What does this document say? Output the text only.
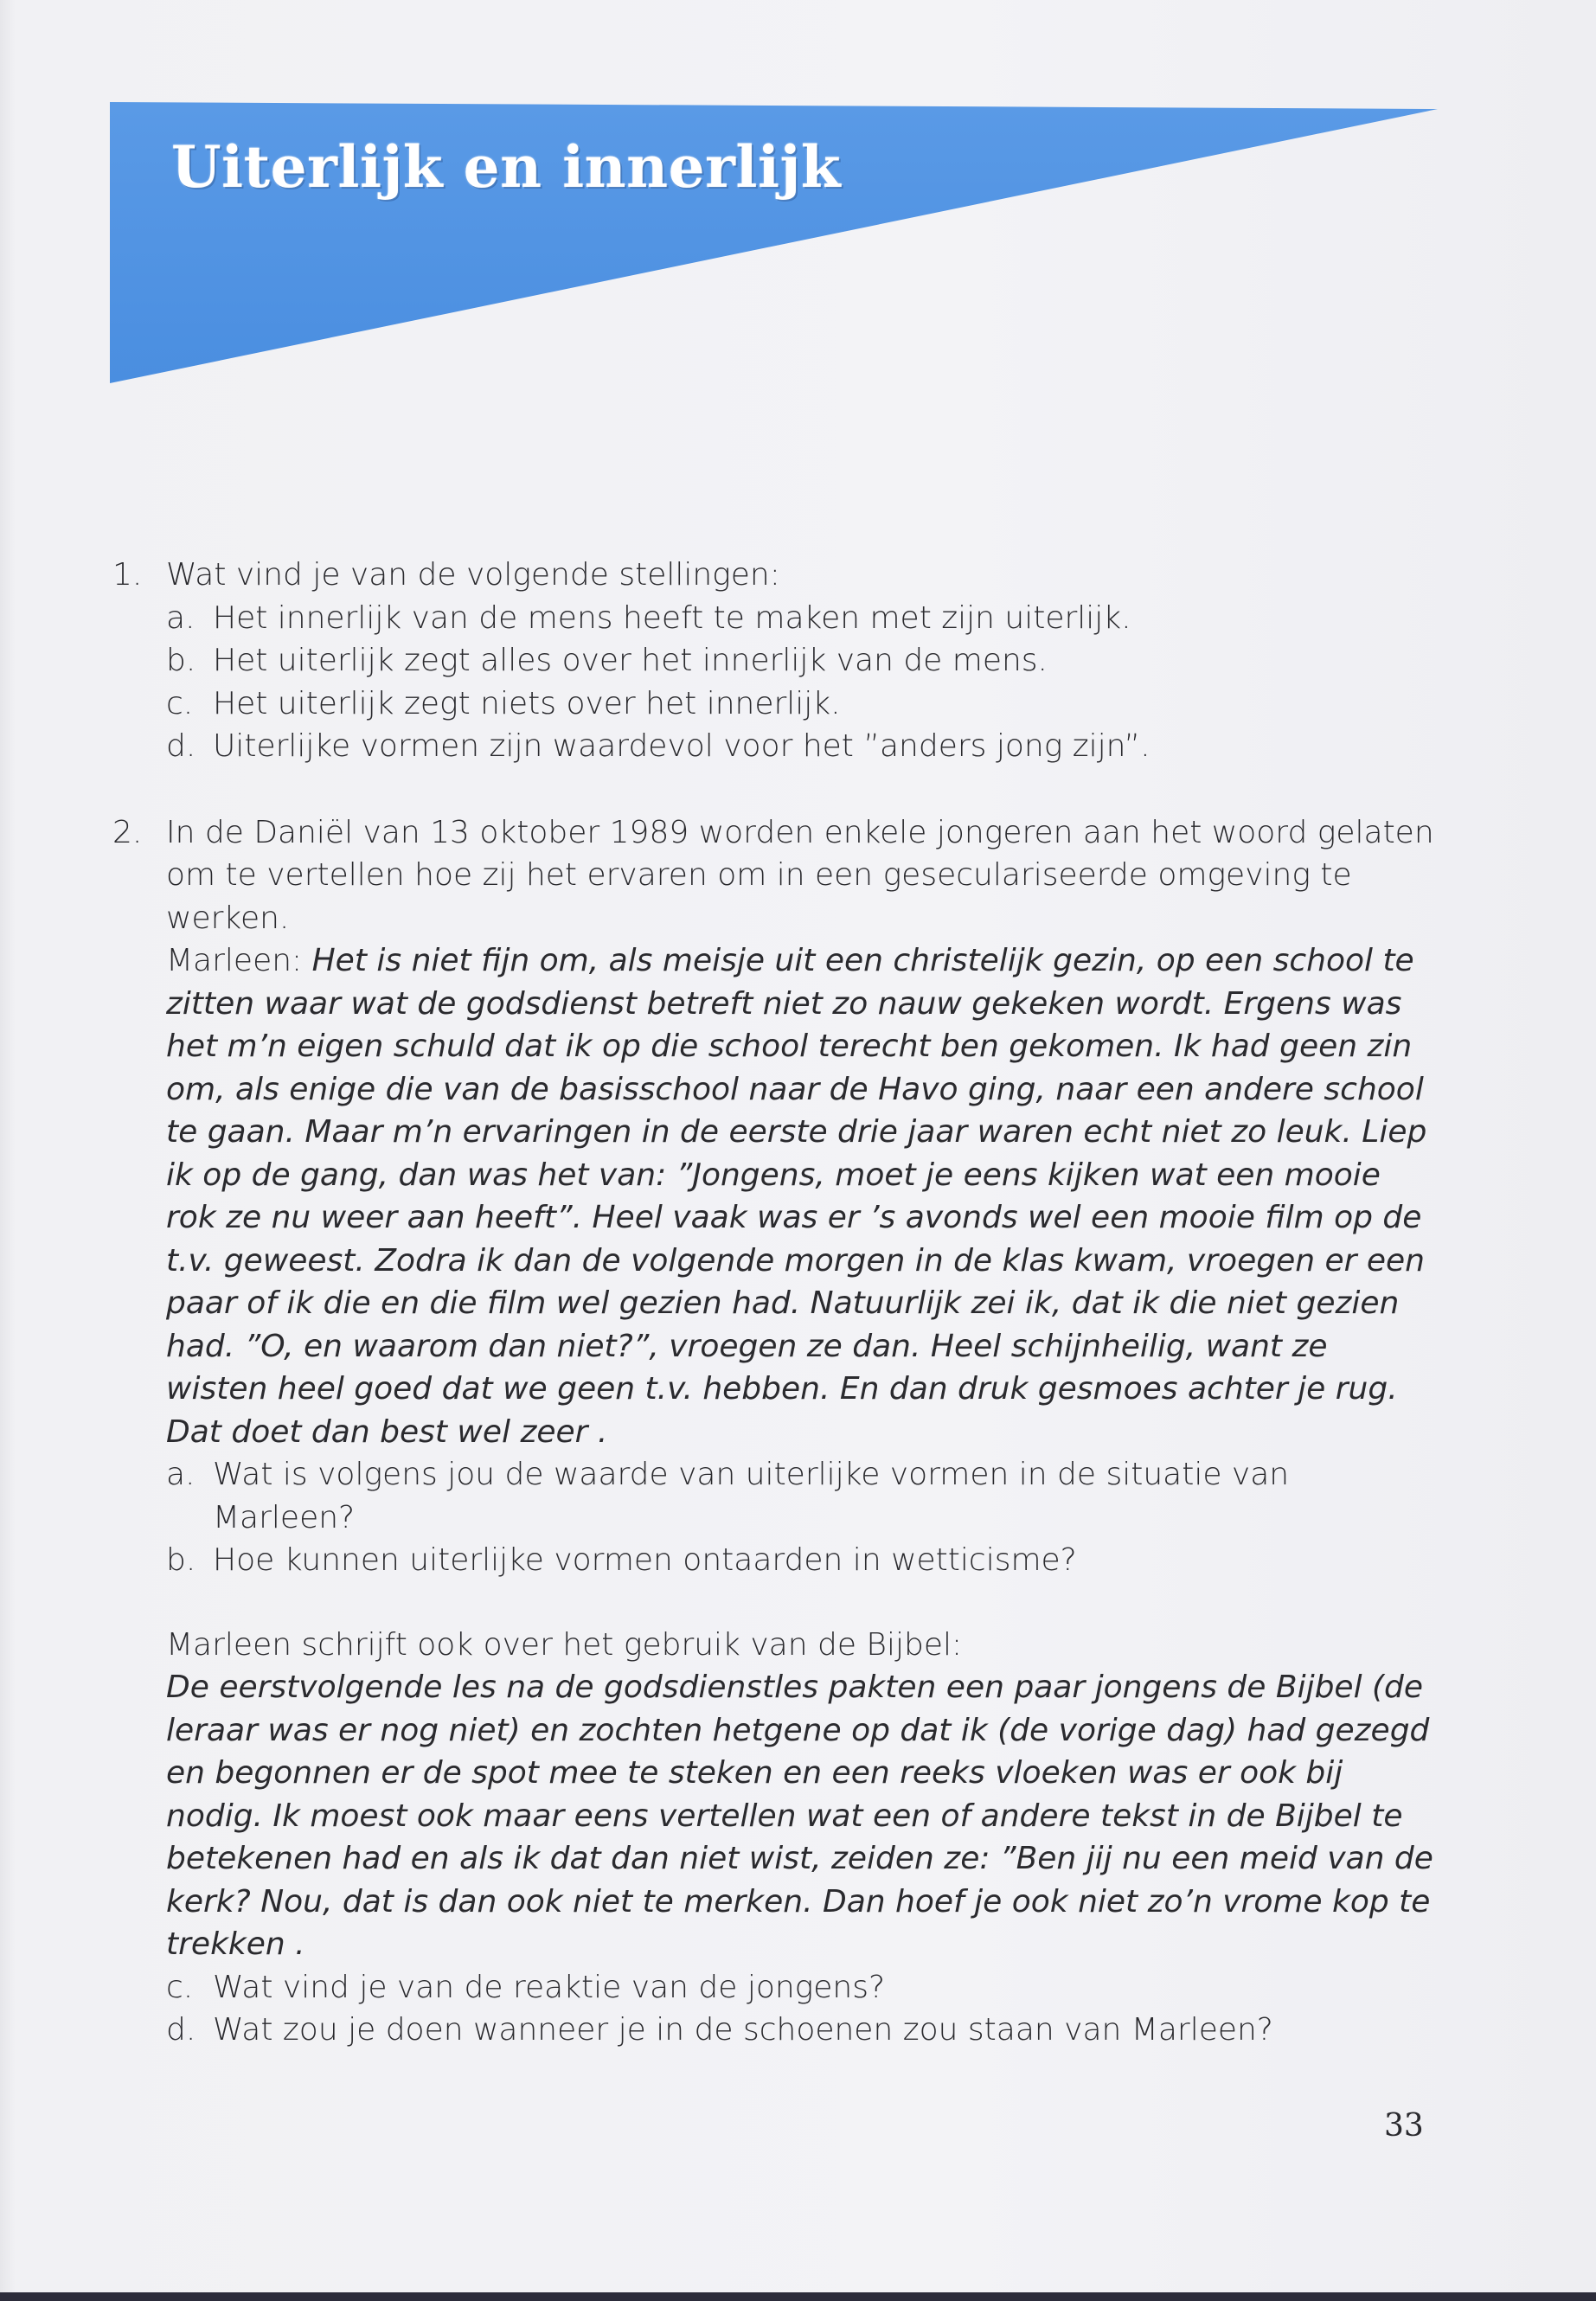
Uiterlijk en innerlijk
1. Wat vind je van de volgende stellingen:
a. Het innerlijk van de mens heeft te maken met zijn uiterlijk.
b. Het uiterlijk zegt alles over het innerlijk van de mens.
c. Het uiterlijk zegt niets over het innerlijk.
d. Uiterlijke vormen zijn waardevol voor het ”anders jong zijn”.
2. In de Daniël van 13 oktober 1989 worden enkele jongeren aan het woord gelaten om te vertellen hoe zij het ervaren om in een geseculariseerde omgeving te werken.
Marleen: Het is niet fijn om, als meisje uit een christelijk gezin, op een school te zitten waar wat de godsdienst betreft niet zo nauw gekeken wordt. Ergens was het m’n eigen schuld dat ik op die school terecht ben gekomen. Ik had geen zin om, als enige die van de basisschool naar de Havo ging, naar een andere school te gaan. Maar m’n ervaringen in de eerste drie jaar waren echt niet zo leuk. Liep ik op de gang, dan was het van: ”Jongens, moet je eens kijken wat een mooie rok ze nu weer aan heeft”. Heel vaak was er ’s avonds wel een mooie film op de t.v. geweest. Zodra ik dan de volgende morgen in de klas kwam, vroegen er een paar of ik die en die film wel gezien had. Natuurlijk zei ik, dat ik die niet gezien had. ”O, en waarom dan niet?”, vroegen ze dan. Heel schijnheilig, want ze wisten heel goed dat we geen t.v. hebben. En dan druk gesmoes achter je rug. Dat doet dan best wel zeer .
a. Wat is volgens jou de waarde van uiterlijke vormen in de situatie van Marleen?
b. Hoe kunnen uiterlijke vormen ontaarden in wetticisme?
Marleen schrijft ook over het gebruik van de Bijbel:
De eerstvolgende les na de godsdienstles pakten een paar jongens de Bijbel (de leraar was er nog niet) en zochten hetgene op dat ik (de vorige dag) had gezegd en begonnen er de spot mee te steken en een reeks vloeken was er ook bij nodig. Ik moest ook maar eens vertellen wat een of andere tekst in de Bijbel te betekenen had en als ik dat dan niet wist, zeiden ze: ”Ben jij nu een meid van de kerk? Nou, dat is dan ook niet te merken. Dan hoef je ook niet zo’n vrome kop te trekken .
c. Wat vind je van de reaktie van de jongens?
d. Wat zou je doen wanneer je in de schoenen zou staan van Marleen?
33
